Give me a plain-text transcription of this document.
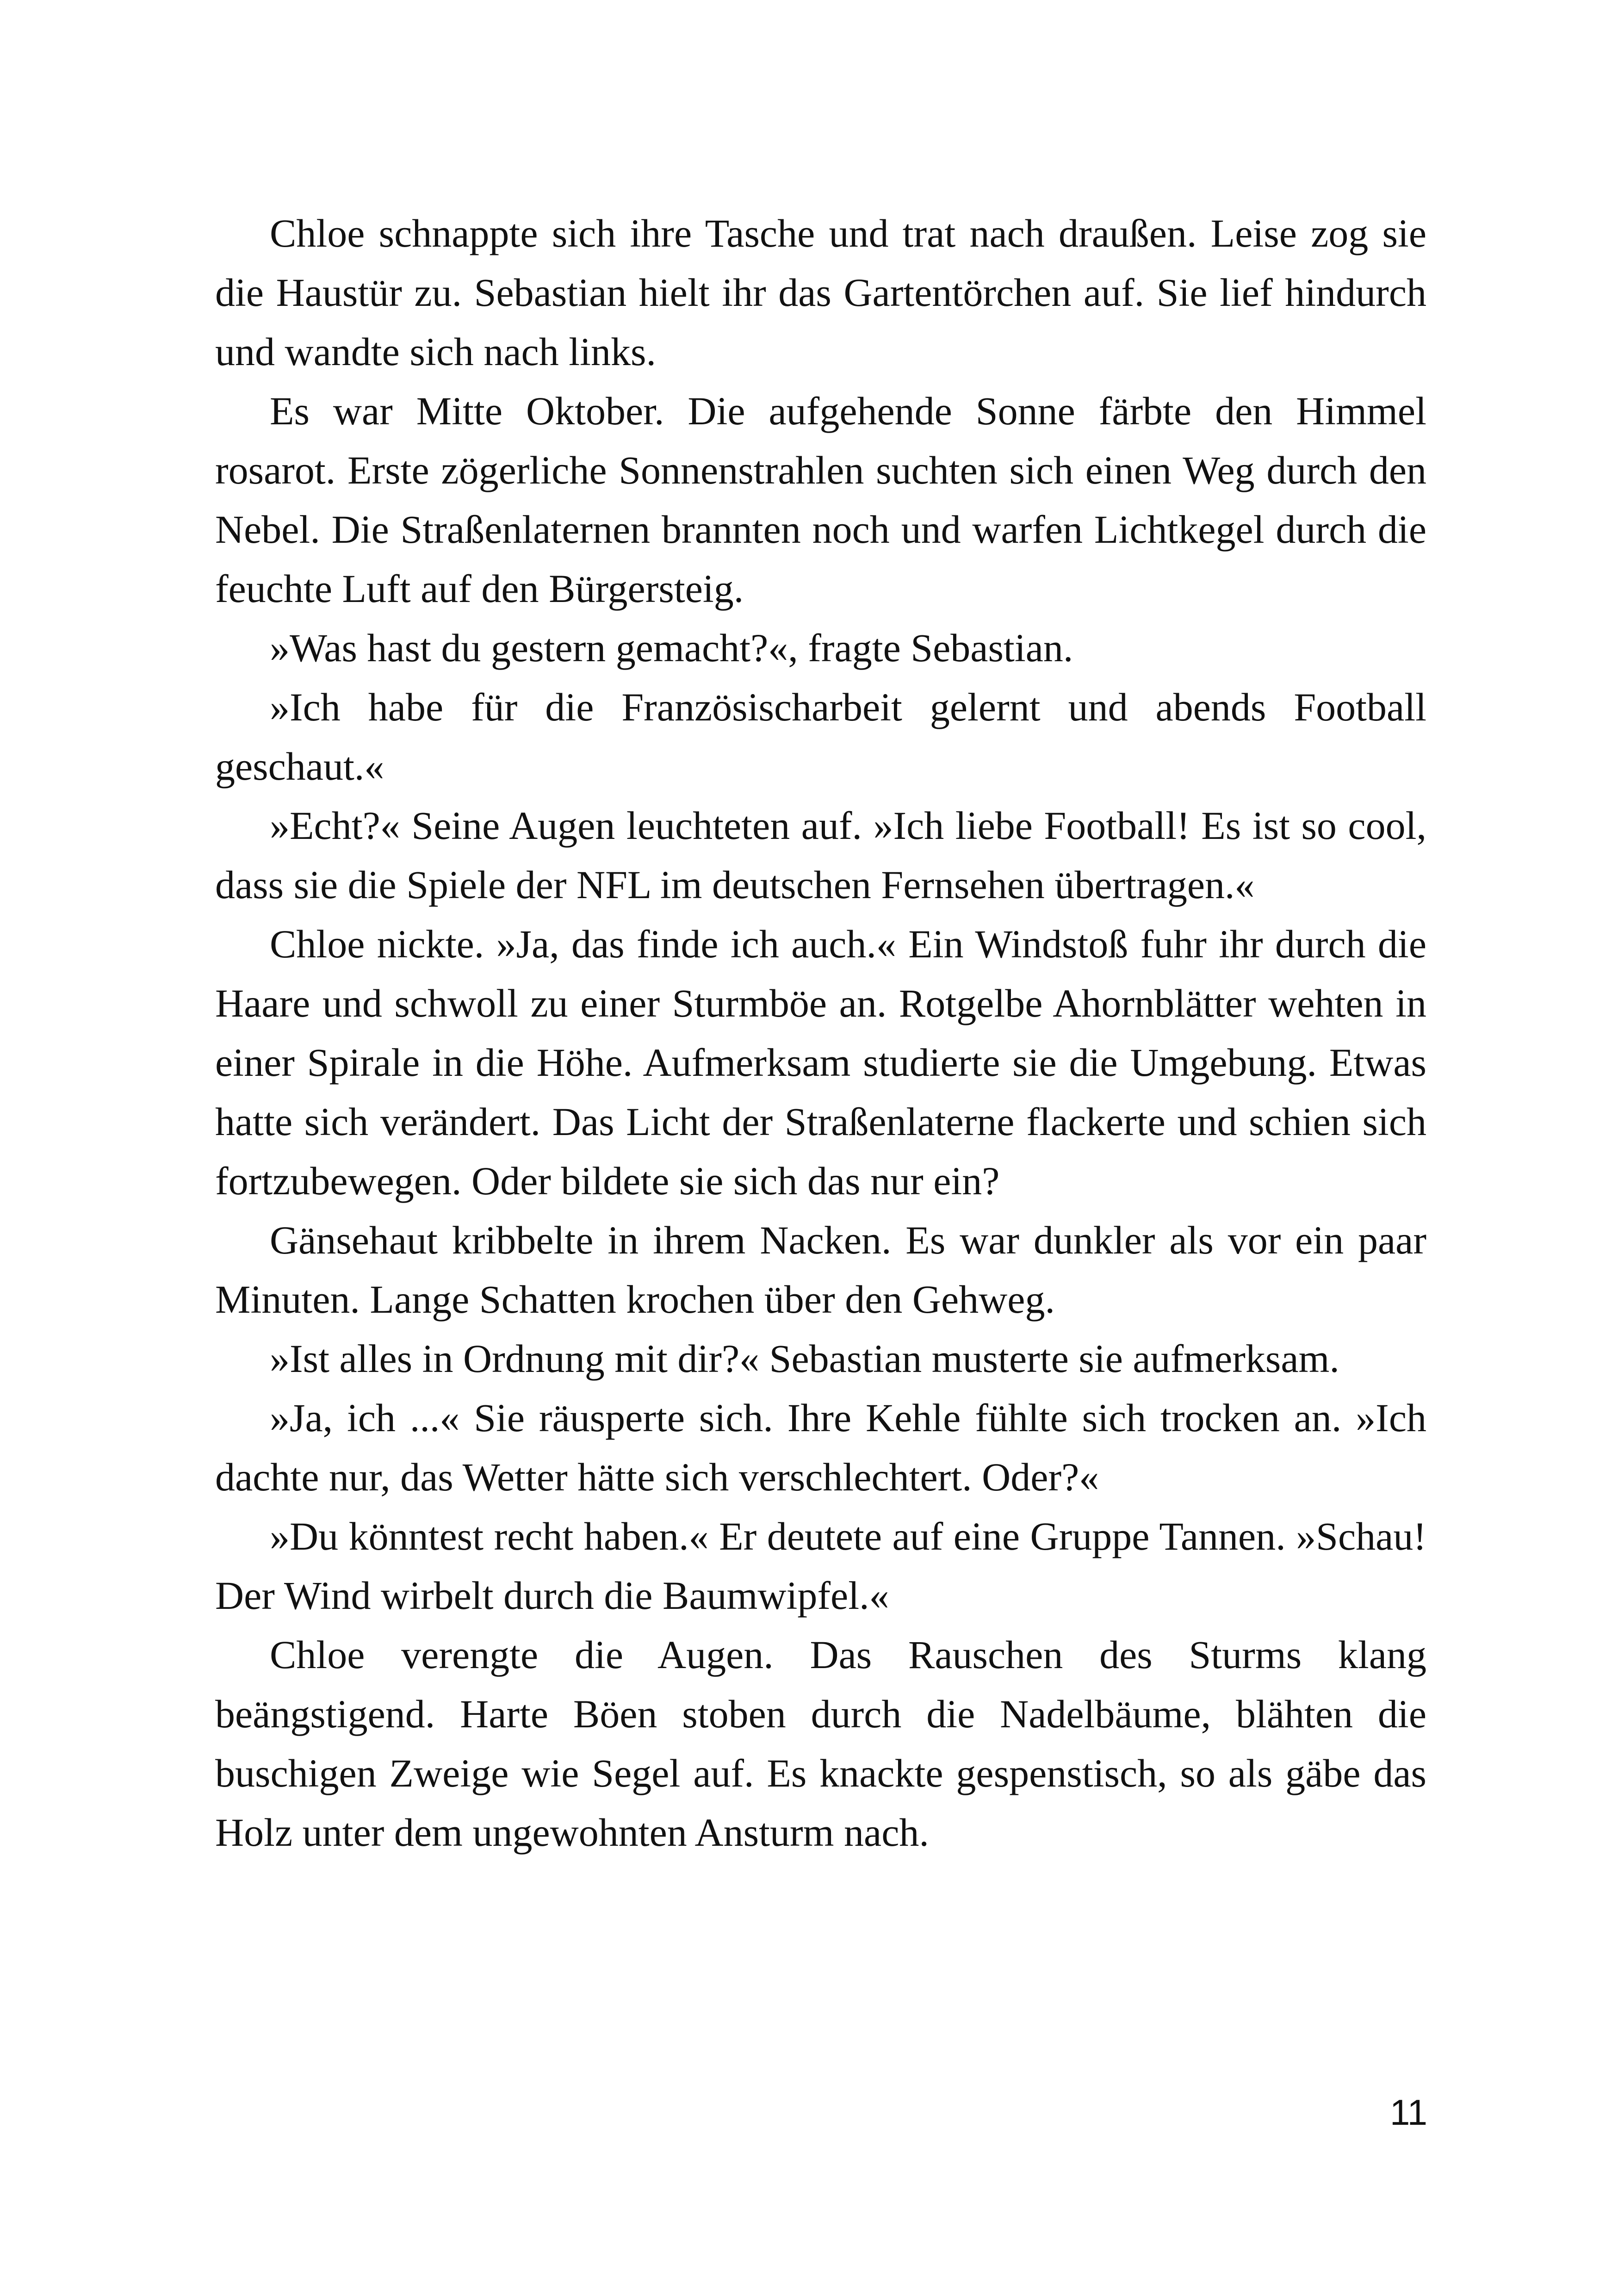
Chloe schnappte sich ihre Tasche und trat nach draußen. Leise zog sie die Haustür zu. Sebastian hielt ihr das Gartentörchen auf. Sie lief hindurch und wandte sich nach links.

Es war Mitte Oktober. Die aufgehende Sonne färbte den Himmel rosarot. Erste zögerliche Sonnenstrahlen suchten sich einen Weg durch den Nebel. Die Straßenlaternen brannten noch und warfen Lichtkegel durch die feuchte Luft auf den Bürgersteig.

»Was hast du gestern gemacht?«, fragte Sebastian.

»Ich habe für die Französischarbeit gelernt und abends Football geschaut.«

»Echt?« Seine Augen leuchteten auf. »Ich liebe Football! Es ist so cool, dass sie die Spiele der NFL im deutschen Fernsehen übertragen.«

Chloe nickte. »Ja, das finde ich auch.« Ein Windstoß fuhr ihr durch die Haare und schwoll zu einer Sturmböe an. Rotgelbe Ahornblätter wehten in einer Spirale in die Höhe. Aufmerksam studierte sie die Umgebung. Etwas hatte sich verändert. Das Licht der Straßenlaterne flackerte und schien sich fortzubewegen. Oder bildete sie sich das nur ein?

Gänsehaut kribbelte in ihrem Nacken. Es war dunkler als vor ein paar Minuten. Lange Schatten krochen über den Gehweg.

»Ist alles in Ordnung mit dir?« Sebastian musterte sie aufmerksam.

»Ja, ich ...« Sie räusperte sich. Ihre Kehle fühlte sich trocken an. »Ich dachte nur, das Wetter hätte sich verschlechtert. Oder?«

»Du könntest recht haben.« Er deutete auf eine Gruppe Tannen. »Schau! Der Wind wirbelt durch die Baumwipfel.«

Chloe verengte die Augen. Das Rauschen des Sturms klang beängstigend. Harte Böen stoben durch die Nadelbäume, blähten die buschigen Zweige wie Segel auf. Es knackte gespenstisch, so als gäbe das Holz unter dem ungewohnten Ansturm nach.

11
